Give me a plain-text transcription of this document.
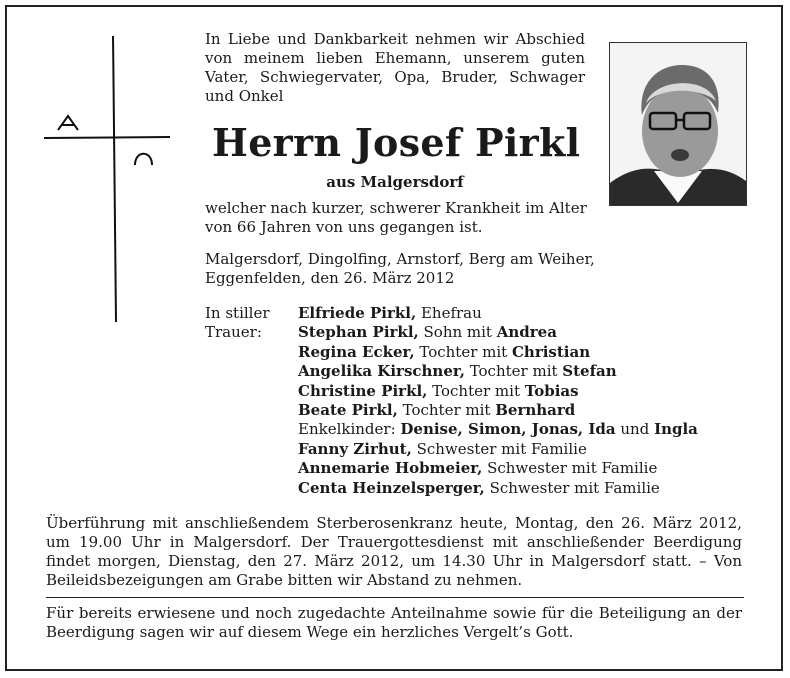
In Liebe und Dankbarkeit nehmen wir Abschied von meinem lieben Ehemann, unserem guten Vater, Schwiegervater, Opa, Bruder, Schwager und Onkel

Herrn Josef Pirkl
aus Malgersdorf

welcher nach kurzer, schwerer Krankheit im Alter von 66 Jahren von uns gegangen ist.

Malgersdorf, Dingolfing, Arnstorf, Berg am Weiher, Eggenfelden, den 26. März 2012

In stiller
Trauer:
Elfriede Pirkl, Ehefrau
Stephan Pirkl, Sohn mit Andrea
Regina Ecker, Tochter mit Christian
Angelika Kirschner, Tochter mit Stefan
Christine Pirkl, Tochter mit Tobias
Beate Pirkl, Tochter mit Bernhard
Enkelkinder: Denise, Simon, Jonas, Ida und Ingla
Fanny Zirhut, Schwester mit Familie
Annemarie Hobmeier, Schwester mit Familie
Centa Heinzelsperger, Schwester mit Familie

Überführung mit anschließendem Sterberosenkranz heute, Montag, den 26. März 2012, um 19.00 Uhr in Malgersdorf. Der Trauergottesdienst mit anschließender Beerdigung findet morgen, Dienstag, den 27. März 2012, um 14.30 Uhr in Malgersdorf statt. – Von Beileidsbezeigungen am Grabe bitten wir Abstand zu nehmen.

Für bereits erwiesene und noch zugedachte Anteilnahme sowie für die Beteiligung an der Beerdigung sagen wir auf diesem Wege ein herzliches Vergelt’s Gott.
